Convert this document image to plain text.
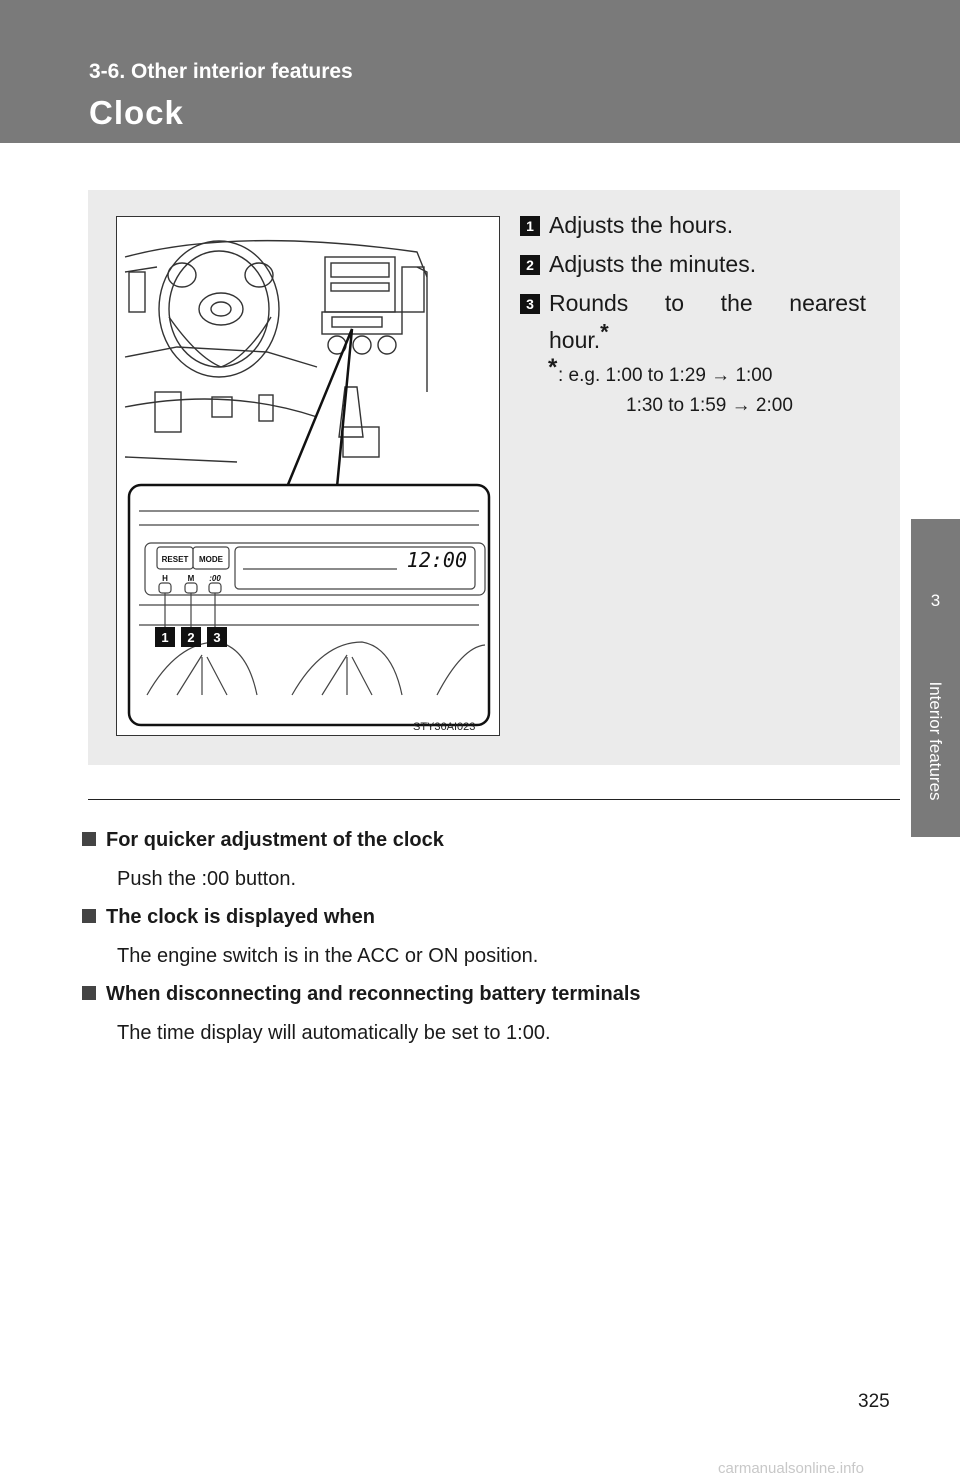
3-6. Other interior features
Clock
3
Interior features
RESET MODE
H M :00
12:00
1 2 3
STY36AI023
1 Adjusts the hours.
2 Adjusts the minutes.
3 Rounds to the nearest
hour.*
* : e.g. 1:00 to 1:29 → 1:00
1:30 to 1:59 → 2:00
For quicker adjustment of the clock
Push the :00 button.
The clock is displayed when
The engine switch is in the ACC or ON position.
When disconnecting and reconnecting battery terminals
The time display will automatically be set to 1:00.
325
carmanualsonline.info
